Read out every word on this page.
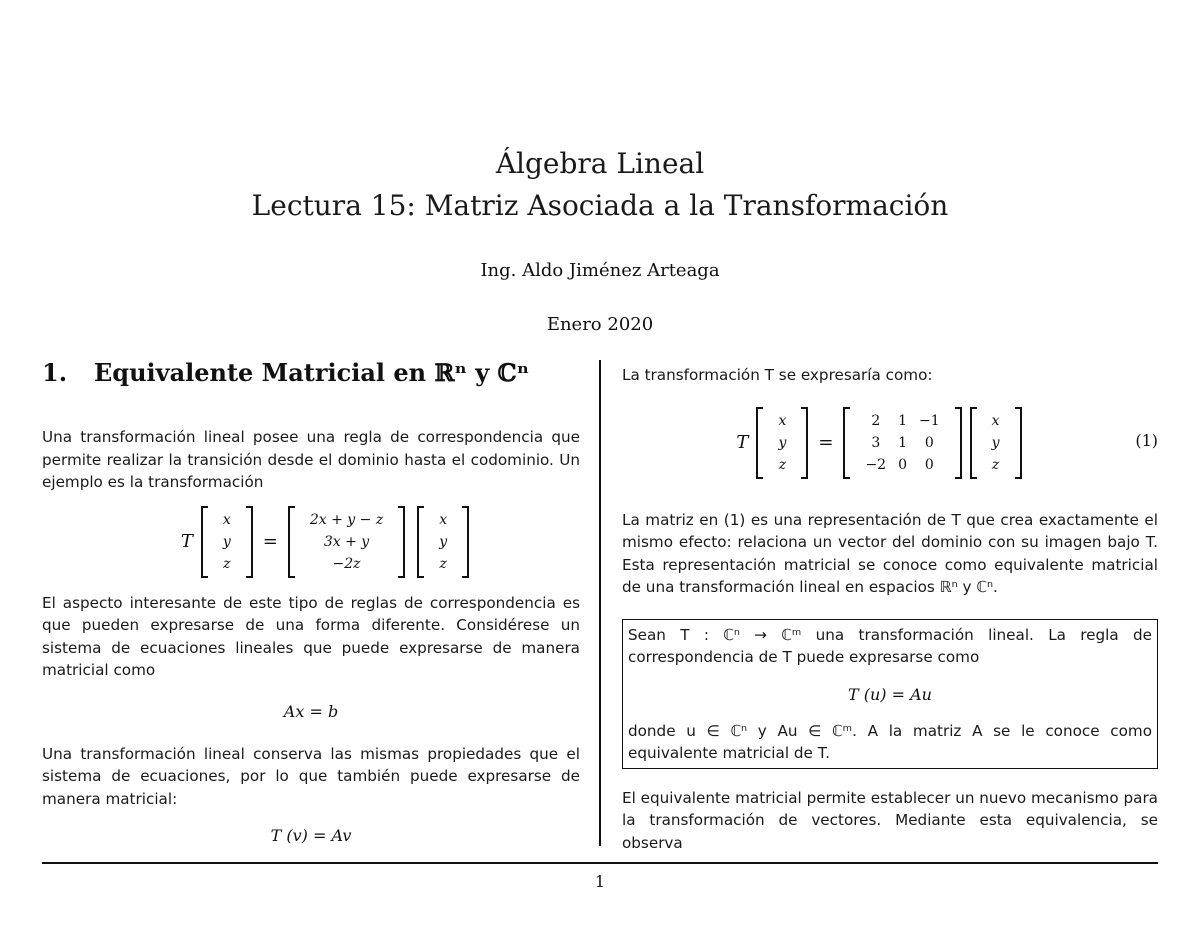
Álgebra Lineal
Lectura 15: Matriz Asociada a la Transformación
Ing. Aldo Jiménez Arteaga
Enero 2020
1. Equivalente Matricial en ℝⁿ y ℂⁿ

Una transformación lineal posee una regla de correspondencia que permite realizar la transición desde el dominio hasta el codominio. Un ejemplo es la transformación

T
x
y
z
=
2x + y − z
3x + y
−2z
x
y
z

El aspecto interesante de este tipo de reglas de correspondencia es que pueden expresarse de una forma diferente. Considérese un sistema de ecuaciones lineales que puede expresarse de manera matricial como

Ax = b

Una transformación lineal conserva las mismas propiedades que el sistema de ecuaciones, por lo que también puede expresarse de manera matricial:

T (v) = Av

La transformación T se expresaría como:

T
x
y
z
=
2	1	−1
3	1	0
−2	0	0
x
y
z
(1)

La matriz en (1) es una representación de T que crea exactamente el mismo efecto: relaciona un vector del dominio con su imagen bajo T. Esta representación matricial se conoce como equivalente matricial de una transformación lineal en espacios ℝⁿ y ℂⁿ.

Sean T : ℂⁿ → ℂᵐ una transformación lineal. La regla de correspondencia de T puede expresarse como

T (u) = Au

donde u ∈ ℂⁿ y Au ∈ ℂᵐ. A la matriz A se le conoce como equivalente matricial de T.

El equivalente matricial permite establecer un nuevo mecanismo para la transformación de vectores. Mediante esta equivalencia, se observa

1
